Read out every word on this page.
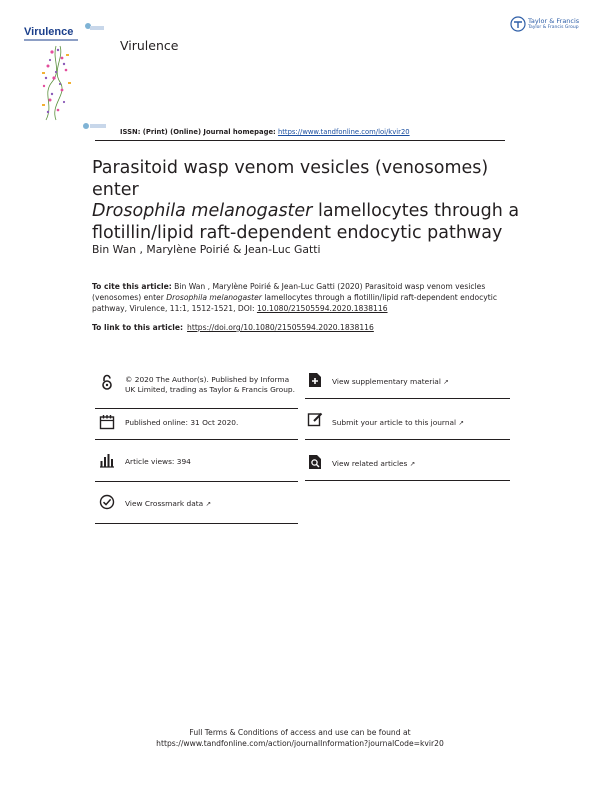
Virulence
Virulence
Taylor & Francis
Taylor & Francis Group
ISSN: (Print) (Online) Journal homepage: https://www.tandfonline.com/loi/kvir20
Parasitoid wasp venom vesicles (venosomes) enter
Drosophila melanogaster lamellocytes through a
flotillin/lipid raft-dependent endocytic pathway
Bin Wan , Marylène Poirié & Jean-Luc Gatti
To cite this article: Bin Wan , Marylène Poirié & Jean-Luc Gatti (2020) Parasitoid wasp venom vesicles (venosomes) enter Drosophila melanogaster lamellocytes through a flotillin/lipid raft-dependent endocytic pathway, Virulence, 11:1, 1512-1521, DOI: 10.1080/21505594.2020.1838116
To link to this article: https://doi.org/10.1080/21505594.2020.1838116
© 2020 The Author(s). Published by Informa UK Limited, trading as Taylor & Francis Group.
Published online: 31 Oct 2020.
Article views: 394
View Crossmark data ↗
View supplementary material ↗
Submit your article to this journal ↗
View related articles ↗
Full Terms & Conditions of access and use can be found at
https://www.tandfonline.com/action/journalInformation?journalCode=kvir20
